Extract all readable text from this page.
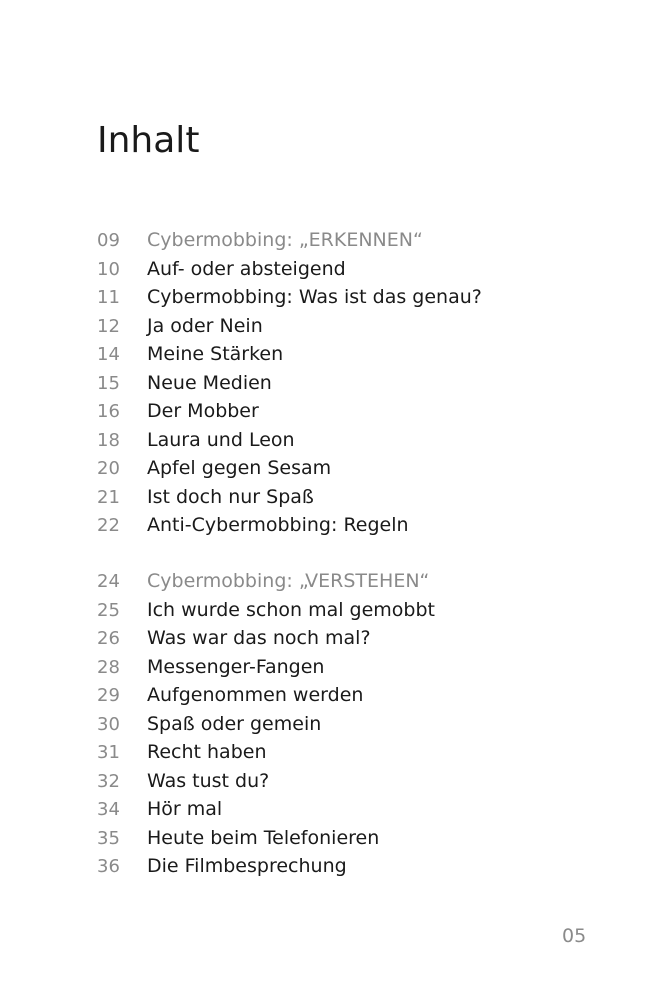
Inhalt
09	Cybermobbing: „ERKENNEN“
10	Auf- oder absteigend
11	Cybermobbing: Was ist das genau?
12	Ja oder Nein
14	Meine Stärken
15	Neue Medien
16	Der Mobber
18	Laura und Leon
20	Apfel gegen Sesam
21	Ist doch nur Spaß
22	Anti-Cybermobbing: Regeln
24	Cybermobbing: „VERSTEHEN“
25	Ich wurde schon mal gemobbt
26	Was war das noch mal?
28	Messenger-Fangen
29	Aufgenommen werden
30	Spaß oder gemein
31	Recht haben
32	Was tust du?
34	Hör mal
35	Heute beim Telefonieren
36	Die Filmbesprechung
05
